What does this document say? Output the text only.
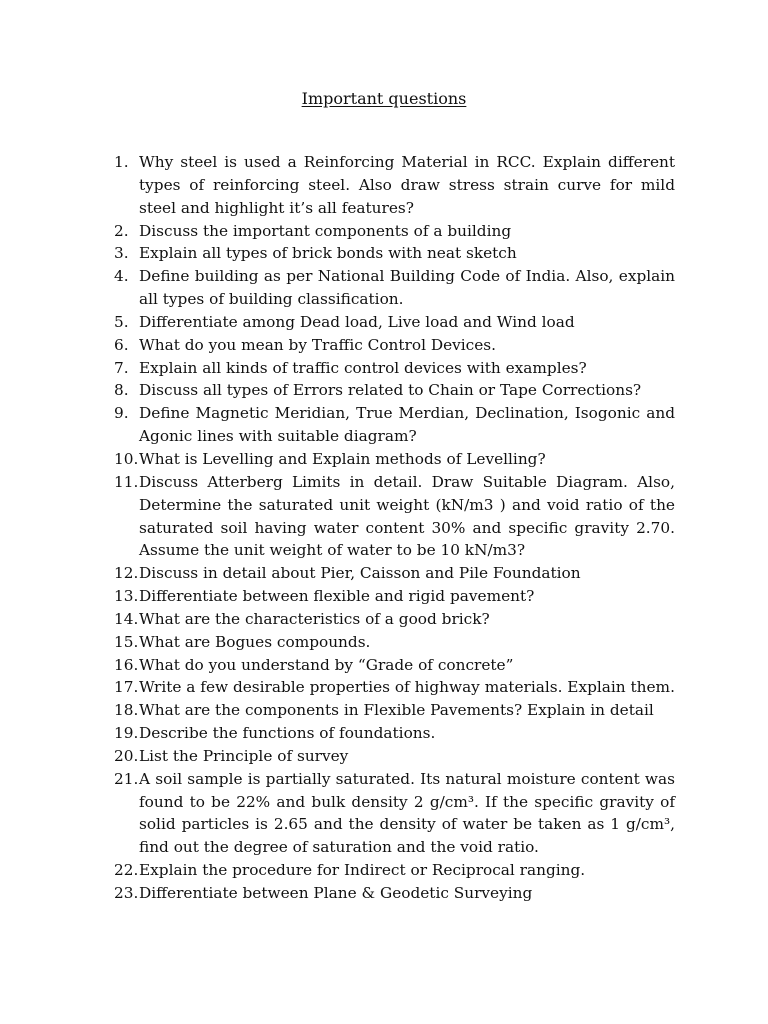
Important questions
1. Why steel is used a Reinforcing Material in RCC. Explain different types of reinforcing steel. Also draw stress strain curve for mild steel and highlight it’s all features?
2. Discuss the important components of a building
3. Explain all types of brick bonds with neat sketch
4. Define building as per National Building Code of India. Also, explain all types of building classification.
5. Differentiate among Dead load, Live load and Wind load
6. What do you mean by Traffic Control Devices.
7. Explain all kinds of traffic control devices with examples?
8. Discuss all types of Errors related to Chain or Tape Corrections?
9. Define Magnetic Meridian, True Merdian, Declination, Isogonic and Agonic lines with suitable diagram?
10. What is Levelling and Explain methods of Levelling?
11. Discuss Atterberg Limits in detail. Draw Suitable Diagram. Also, Determine the saturated unit weight (kN/m3 ) and void ratio of the saturated soil having water content 30% and specific gravity 2.70. Assume the unit weight of water to be 10 kN/m3?
12. Discuss in detail about Pier, Caisson and Pile Foundation
13. Differentiate between flexible and rigid pavement?
14. What are the characteristics of a good brick?
15. What are Bogues compounds.
16. What do you understand by “Grade of concrete”
17. Write a few desirable properties of highway materials. Explain them.
18. What are the components in Flexible Pavements? Explain in detail
19. Describe the functions of foundations.
20. List the Principle of survey
21. A soil sample is partially saturated. Its natural moisture content was found to be 22% and bulk density 2 g/cm³. If the specific gravity of solid particles is 2.65 and the density of water be taken as 1 g/cm³, find out the degree of saturation and the void ratio.
22. Explain the procedure for Indirect or Reciprocal ranging.
23. Differentiate between Plane & Geodetic Surveying
